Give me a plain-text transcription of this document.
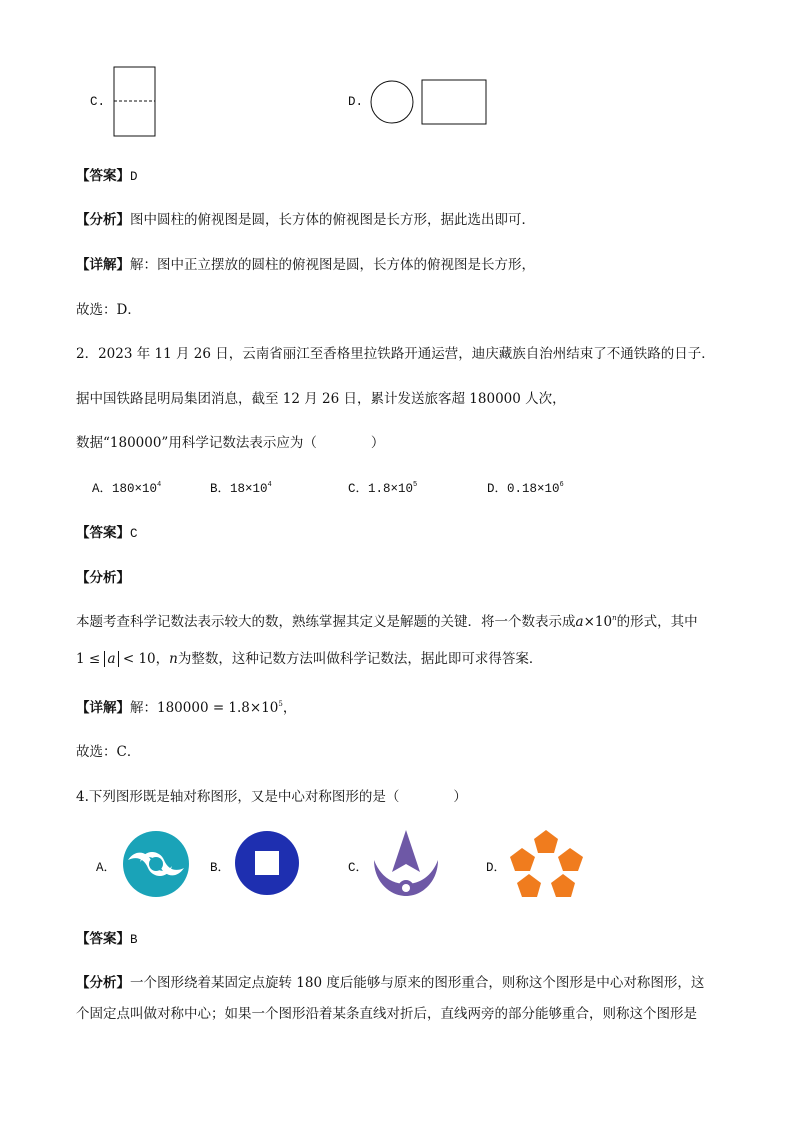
C.	D.
【答案】D
【分析】图中圆柱的俯视图是圆，长方体的俯视图是长方形，据此选出即可．
【详解】解：图中正立摆放的圆柱的俯视图是圆，长方体的俯视图是长方形，
故选：D．
2．2023 年 11 月 26 日，云南省丽江至香格里拉铁路开通运营，迪庆藏族自治州结束了不通铁路的日子．
据中国铁路昆明局集团消息，截至 12 月 26 日，累计发送旅客超 180000 人次，
数据“180000”用科学记数法表示应为（　　　　）
A．$180\times 10^4$	B．$18\times 10^4$	C．$1.8\times 10^5$	D．$0.18\times 10^6$
【答案】C
【分析】
本题考查科学记数法表示较大的数，熟练掌握其定义是解题的关键．将一个数表示成$a\times 10^n$的形式，其中
1 ≤ a < 10，n为整数，这种记数方法叫做科学记数法，据此即可求得答案．
【详解】解：$180000 = 1.8\times 10^5$，
故选：C．
4.下列图形既是轴对称图形，又是中心对称图形的是（　　　　）
A．	B．	C．	D．
【答案】B
【分析】一个图形绕着某固定点旋转 180 度后能够与原来的图形重合，则称这个图形是中心对称图形，这
个固定点叫做对称中心；如果一个图形沿着某条直线对折后，直线两旁的部分能够重合，则称这个图形是
